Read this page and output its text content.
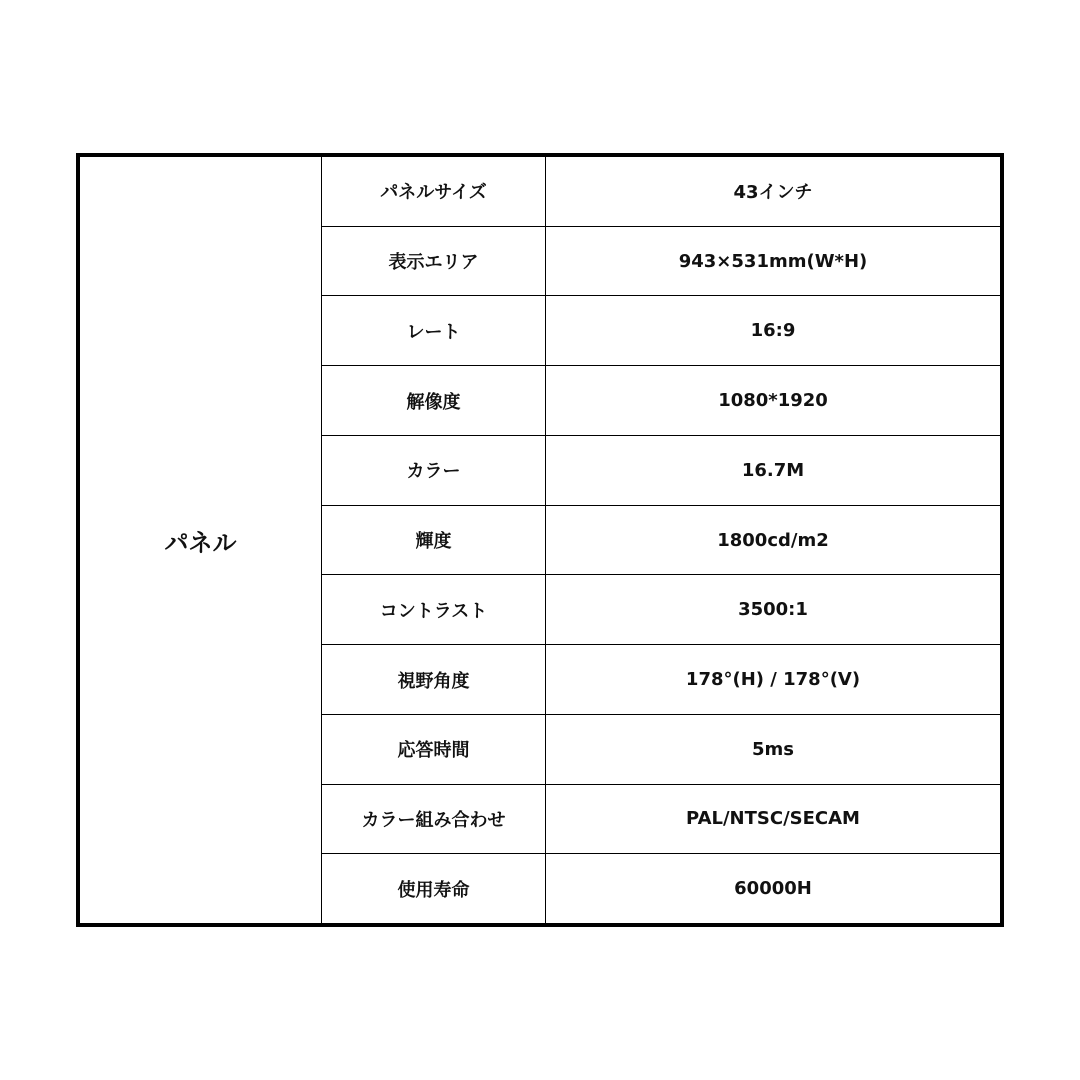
パネル
パネルサイズ	43インチ
表示エリア	943×531mm(W*H)
レート	16:9
解像度	1080*1920
カラー	16.7M
輝度	1800cd/m2
コントラスト	3500:1
視野角度	178°(H) / 178°(V)
応答時間	5ms
カラー組み合わせ	PAL/NTSC/SECAM
使用寿命	60000H
